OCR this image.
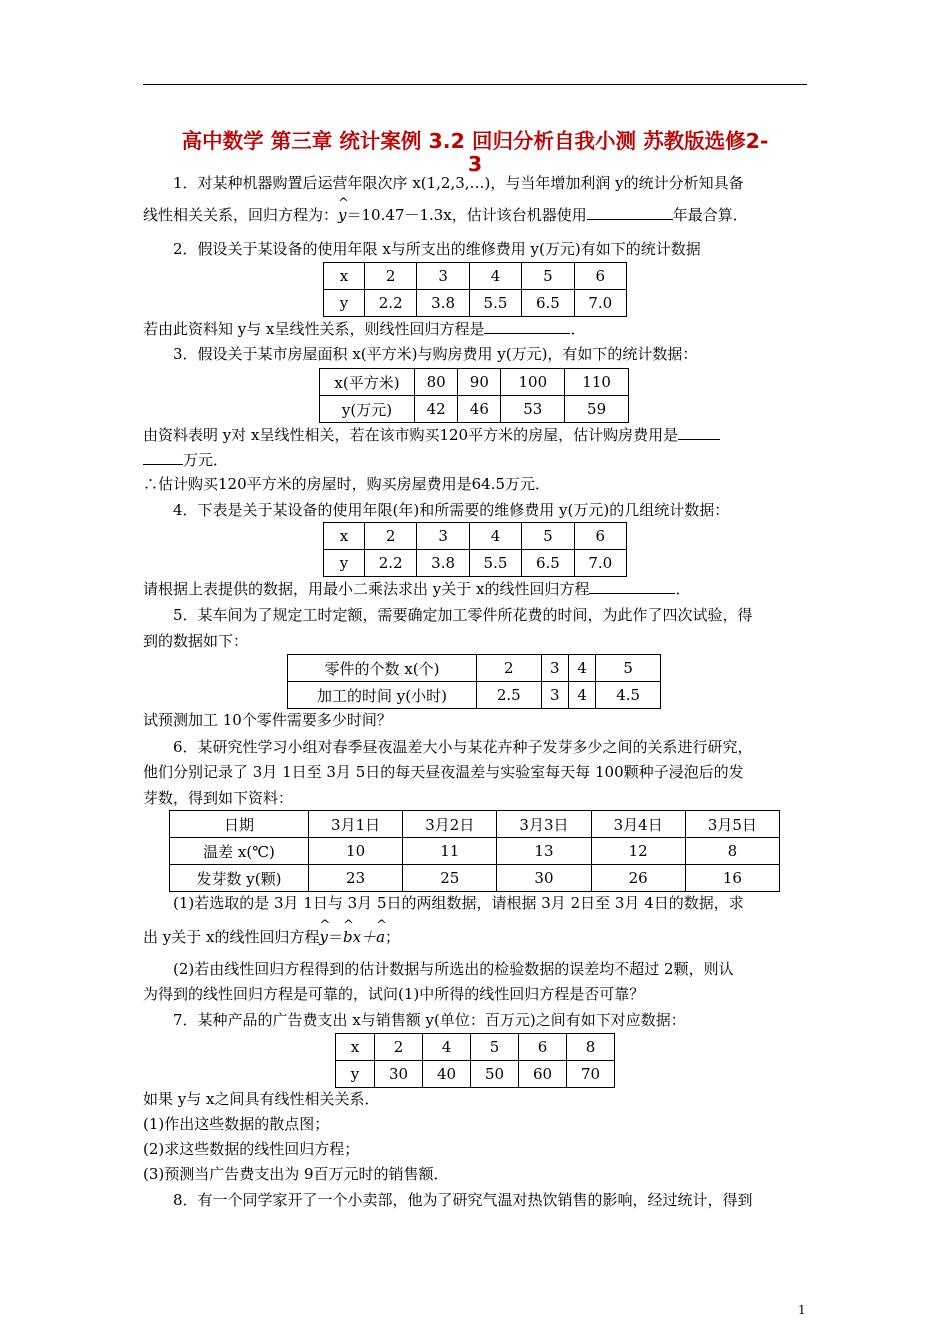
高中数学 第三章 统计案例 3.2 回归分析自我小测 苏教版选修2-
3
1．对某种机器购置后运营年限次序 x(1,2,3,…)，与当年增加利润 y的统计分析知具备
线性相关关系，回归方程为：^ y＝10.47－1.3x，估计该台机器使用	年最合算．
2．假设关于某设备的使用年限 x与所支出的维修费用 y(万元)有如下的统计数据
x	2	3	4	5	6
y	2.2	3.8	5.5	6.5	7.0
若由此资料知 y与 x呈线性关系，则线性回归方程是	．
3．假设关于某市房屋面积 x(平方米)与购房费用 y(万元)，有如下的统计数据：
x(平方米)	80	90	100	110
y(万元)	42	46	53	59
由资料表明 y对 x呈线性相关，若在该市购买120平方米的房屋，估计购房费用是
万元．
∴估计购买120平方米的房屋时，购买房屋费用是64.5万元．
4．下表是关于某设备的使用年限(年)和所需要的维修费用 y(万元)的几组统计数据：
x	2	3	4	5	6
y	2.2	3.8	5.5	6.5	7.0
请根据上表提供的数据，用最小二乘法求出 y关于 x的线性回归方程	．
5．某车间为了规定工时定额，需要确定加工零件所花费的时间，为此作了四次试验，得
到的数据如下：
零件的个数 x(个)	2	3	4	5
加工的时间 y(小时)	2.5	3	4	4.5
试预测加工 10个零件需要多少时间？
6．某研究性学习小组对春季昼夜温差大小与某花卉种子发芽多少之间的关系进行研究，
他们分别记录了 3月 1日至 3月 5日的每天昼夜温差与实验室每天每 100颗种子浸泡后的发
芽数，得到如下资料：
日期	3月1日	3月2日	3月3日	3月4日	3月5日
温差 x(℃)	10	11	13	12	8
发芽数 y(颗)	23	25	30	26	16
(1)若选取的是 3月 1日与 3月 5日的两组数据，请根据 3月 2日至 3月 4日的数据，求
出 y关于 x的线性回归方程^ y＝^ bx＋^ a；
(2)若由线性回归方程得到的估计数据与所选出的检验数据的误差均不超过 2颗，则认
为得到的线性回归方程是可靠的，试问(1)中所得的线性回归方程是否可靠？
7．某种产品的广告费支出 x与销售额 y(单位：百万元)之间有如下对应数据：
x	2	4	5	6	8
y	30	40	50	60	70
如果 y与 x之间具有线性相关关系．
(1)作出这些数据的散点图；
(2)求这些数据的线性回归方程；
(3)预测当广告费支出为 9百万元时的销售额．
8．有一个同学家开了一个小卖部，他为了研究气温对热饮销售的影响，经过统计，得到
1
